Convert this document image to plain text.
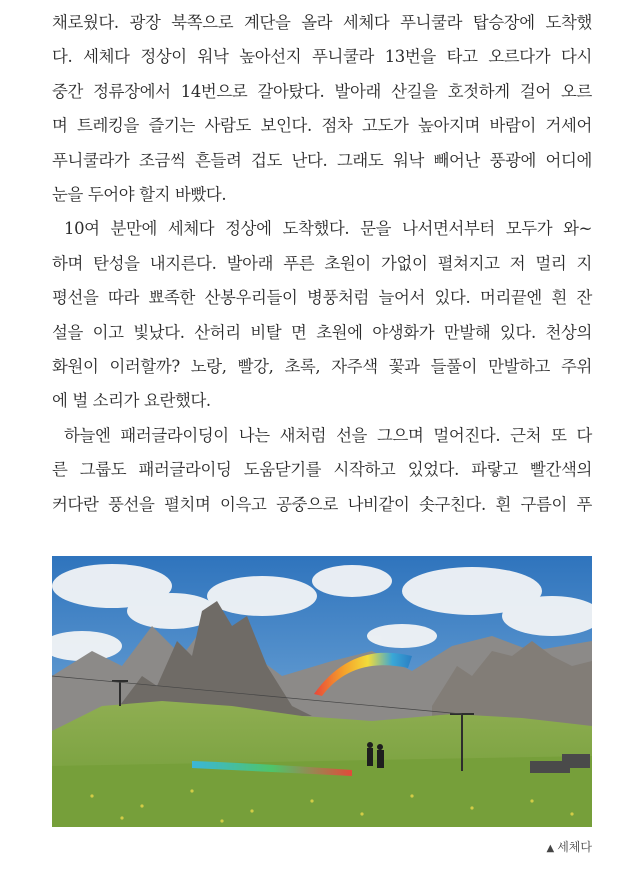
채로웠다. 광장 북쪽으로 계단을 올라 세체다 푸니쿨라 탑승장에 도착했
다. 세체다 정상이 워낙 높아선지 푸니쿨라 13번을 타고 오르다가 다시
중간 정류장에서 14번으로 갈아탔다. 발아래 산길을 호젓하게 걸어 오르
며 트레킹을 즐기는 사람도 보인다. 점차 고도가 높아지며 바람이 거세어
푸니쿨라가 조금씩 흔들려 겁도 난다. 그래도 워낙 빼어난 풍광에 어디에
눈을 두어야 할지 바빴다.
10여 분만에 세체다 정상에 도착했다. 문을 나서면서부터 모두가 와~
하며 탄성을 내지른다. 발아래 푸른 초원이 가없이 펼쳐지고 저 멀리 지
평선을 따라 뾰족한 산봉우리들이 병풍처럼 늘어서 있다. 머리끝엔 흰 잔
설을 이고 빛났다. 산허리 비탈 면 초원에 야생화가 만발해 있다. 천상의
화원이 이러할까? 노랑, 빨강, 초록, 자주색 꽃과 들풀이 만발하고 주위
에 벌 소리가 요란했다.
하늘엔 패러글라이딩이 나는 새처럼 선을 그으며 멀어진다. 근처 또 다
른 그룹도 패러글라이딩 도움닫기를 시작하고 있었다. 파랗고 빨간색의
커다란 풍선을 펼치며 이윽고 공중으로 나비같이 솟구친다. 흰 구름이 푸
▲ 세체다
